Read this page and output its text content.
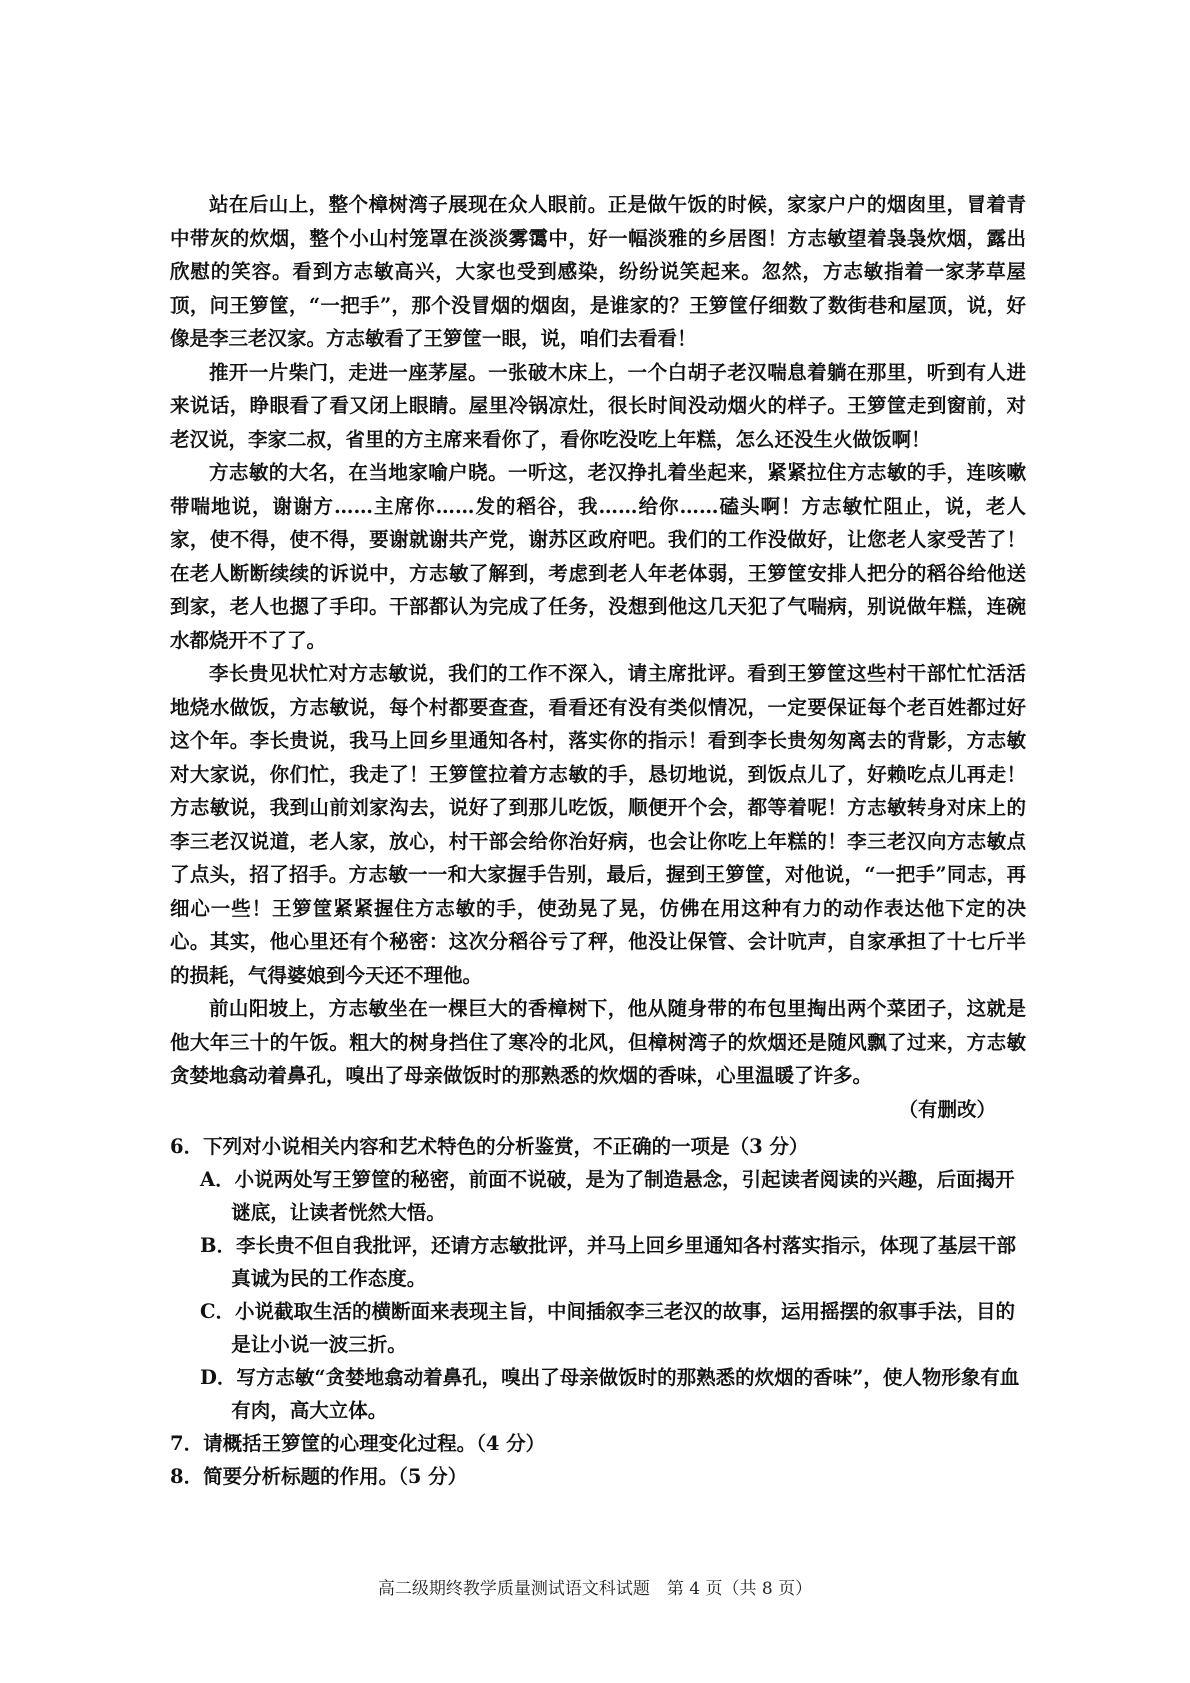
站在后山上，整个樟树湾子展现在众人眼前。正是做午饭的时候，家家户户的烟囱里，冒着青中带灰的炊烟，整个小山村笼罩在淡淡雾霭中，好一幅淡雅的乡居图！方志敏望着袅袅炊烟，露出欣慰的笑容。看到方志敏高兴，大家也受到感染，纷纷说笑起来。忽然，方志敏指着一家茅草屋顶，问王箩筐，“一把手”，那个没冒烟的烟囱，是谁家的？王箩筐仔细数了数街巷和屋顶，说，好像是李三老汉家。方志敏看了王箩筐一眼，说，咱们去看看！

推开一片柴门，走进一座茅屋。一张破木床上，一个白胡子老汉喘息着躺在那里，听到有人进来说话，睁眼看了看又闭上眼睛。屋里冷锅凉灶，很长时间没动烟火的样子。王箩筐走到窗前，对老汉说，李家二叔，省里的方主席来看你了，看你吃没吃上年糕，怎么还没生火做饭啊！

方志敏的大名，在当地家喻户晓。一听这，老汉挣扎着坐起来，紧紧拉住方志敏的手，连咳嗽带喘地说，谢谢方……主席你……发的稻谷，我……给你……磕头啊！方志敏忙阻止，说，老人家，使不得，使不得，要谢就谢共产党，谢苏区政府吧。我们的工作没做好，让您老人家受苦了！在老人断断续续的诉说中，方志敏了解到，考虑到老人年老体弱，王箩筐安排人把分的稻谷给他送到家，老人也摁了手印。干部都认为完成了任务，没想到他这几天犯了气喘病，别说做年糕，连碗水都烧开不了了。

李长贵见状忙对方志敏说，我们的工作不深入，请主席批评。看到王箩筐这些村干部忙忙活活地烧水做饭，方志敏说，每个村都要查查，看看还有没有类似情况，一定要保证每个老百姓都过好这个年。李长贵说，我马上回乡里通知各村，落实你的指示！看到李长贵匆匆离去的背影，方志敏对大家说，你们忙，我走了！王箩筐拉着方志敏的手，恳切地说，到饭点儿了，好赖吃点儿再走！方志敏说，我到山前刘家沟去，说好了到那儿吃饭，顺便开个会，都等着呢！方志敏转身对床上的李三老汉说道，老人家，放心，村干部会给你治好病，也会让你吃上年糕的！李三老汉向方志敏点了点头，招了招手。方志敏一一和大家握手告别，最后，握到王箩筐，对他说，“一把手”同志，再细心一些！王箩筐紧紧握住方志敏的手，使劲晃了晃，仿佛在用这种有力的动作表达他下定的决心。其实，他心里还有个秘密：这次分稻谷亏了秤，他没让保管、会计吭声，自家承担了十七斤半的损耗，气得婆娘到今天还不理他。

前山阳坡上，方志敏坐在一棵巨大的香樟树下，他从随身带的布包里掏出两个菜团子，这就是他大年三十的午饭。粗大的树身挡住了寒冷的北风，但樟树湾子的炊烟还是随风飘了过来，方志敏贪婪地翕动着鼻孔，嗅出了母亲做饭时的那熟悉的炊烟的香味，心里温暖了许多。

（有删改）
6．下列对小说相关内容和艺术特色的分析鉴赏，不正确的一项是（3 分）
A．小说两处写王箩筐的秘密，前面不说破，是为了制造悬念，引起读者阅读的兴趣，后面揭开谜底，让读者恍然大悟。
B．李长贵不但自我批评，还请方志敏批评，并马上回乡里通知各村落实指示，体现了基层干部真诚为民的工作态度。
C．小说截取生活的横断面来表现主旨，中间插叙李三老汉的故事，运用摇摆的叙事手法，目的是让小说一波三折。
D．写方志敏“贪婪地翕动着鼻孔，嗅出了母亲做饭时的那熟悉的炊烟的香味”，使人物形象有血有肉，高大立体。
7．请概括王箩筐的心理变化过程。（4 分）
8．简要分析标题的作用。（5 分）
高二级期终教学质量测试语文科试题　第 4 页（共 8 页）
